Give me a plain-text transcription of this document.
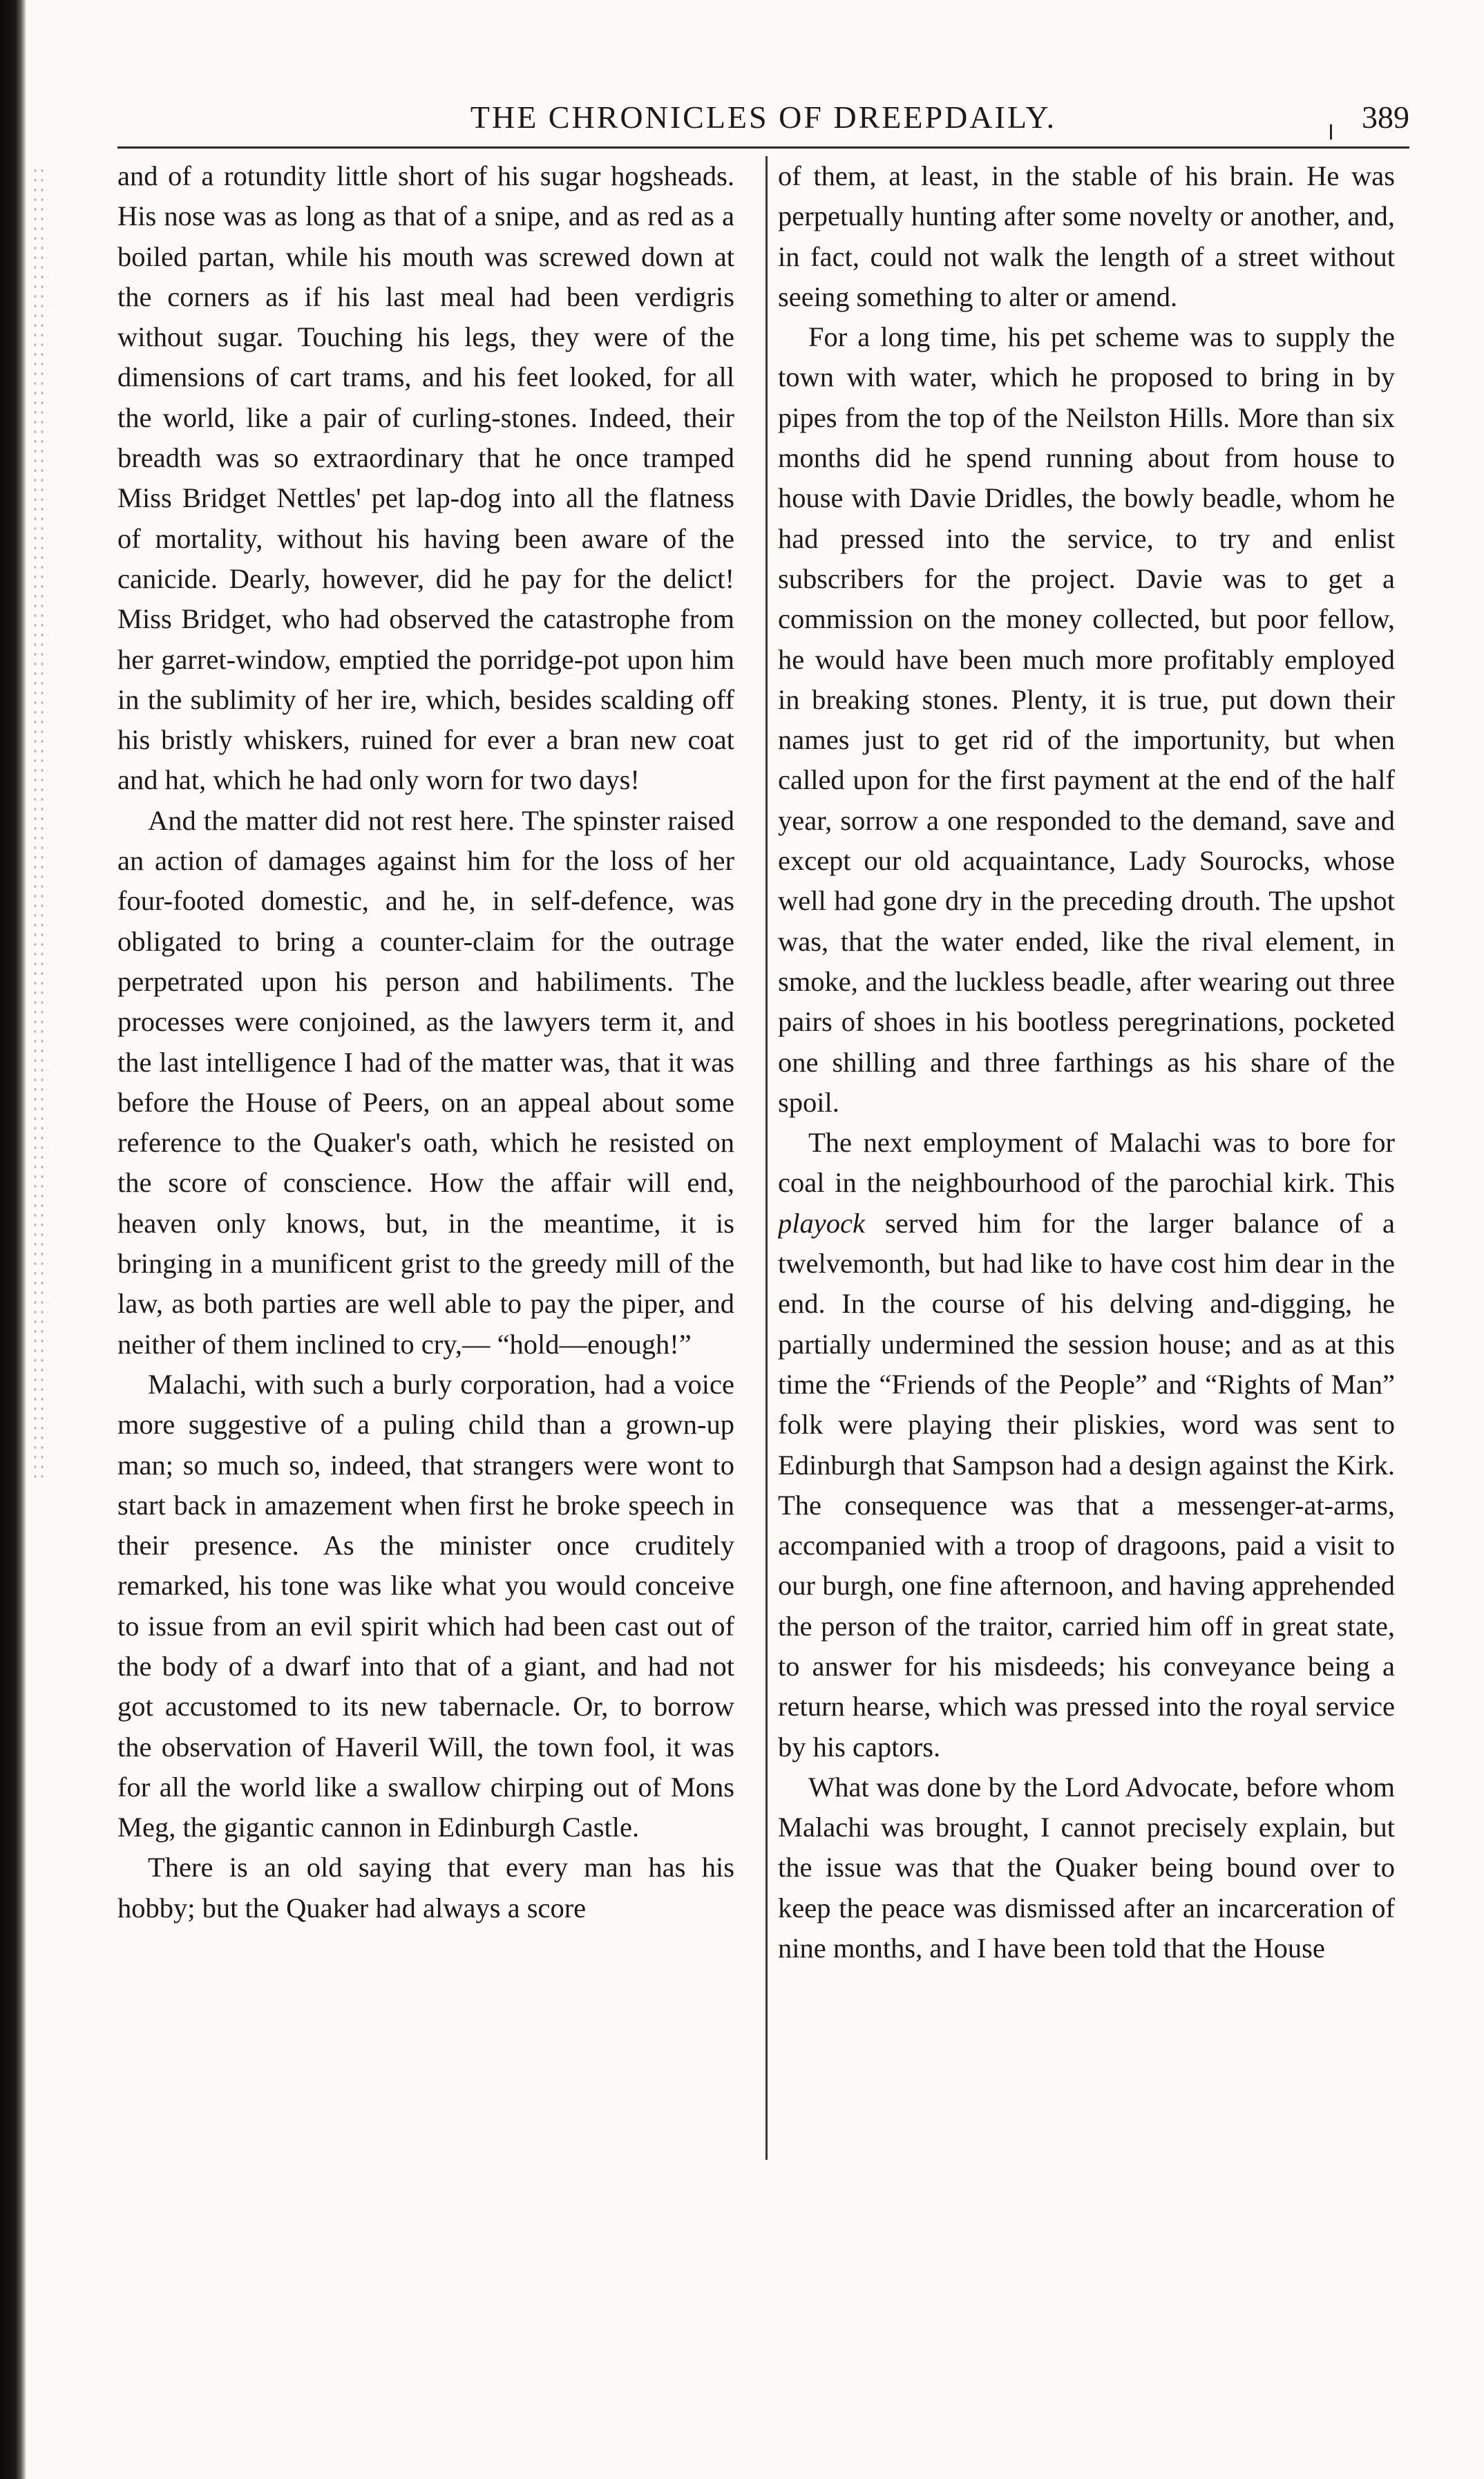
THE CHRONICLES OF DREEPDAILY.	389

and of a rotundity little short of his sugar hogsheads. His nose was as long as that of a snipe, and as red as a boiled partan, while his mouth was screwed down at the corners as if his last meal had been verdigris without sugar. Touching his legs, they were of the dimensions of cart trams, and his feet looked, for all the world, like a pair of curling-stones. Indeed, their breadth was so extraordinary that he once tramped Miss Bridget Nettles' pet lap-dog into all the flatness of mortality, without his having been aware of the canicide. Dearly, however, did he pay for the delict! Miss Bridget, who had observed the catastrophe from her garret-window, emptied the porridge-pot upon him in the sublimity of her ire, which, besides scalding off his bristly whiskers, ruined for ever a bran new coat and hat, which he had only worn for two days!

And the matter did not rest here. The spinster raised an action of damages against him for the loss of her four-footed domestic, and he, in self-defence, was obligated to bring a counter-claim for the outrage perpetrated upon his person and habiliments. The processes were conjoined, as the lawyers term it, and the last intelligence I had of the matter was, that it was before the House of Peers, on an appeal about some reference to the Quaker's oath, which he resisted on the score of conscience. How the affair will end, heaven only knows, but, in the meantime, it is bringing in a munificent grist to the greedy mill of the law, as both parties are well able to pay the piper, and neither of them inclined to cry,— “hold—enough!”

Malachi, with such a burly corporation, had a voice more suggestive of a puling child than a grown-up man; so much so, indeed, that strangers were wont to start back in amazement when first he broke speech in their presence. As the minister once cruditely remarked, his tone was like what you would conceive to issue from an evil spirit which had been cast out of the body of a dwarf into that of a giant, and had not got accustomed to its new tabernacle. Or, to borrow the observation of Haveril Will, the town fool, it was for all the world like a swallow chirping out of Mons Meg, the gigantic cannon in Edinburgh Castle.

There is an old saying that every man has his hobby; but the Quaker had always a score

of them, at least, in the stable of his brain. He was perpetually hunting after some novelty or another, and, in fact, could not walk the length of a street without seeing something to alter or amend.

For a long time, his pet scheme was to supply the town with water, which he proposed to bring in by pipes from the top of the Neilston Hills. More than six months did he spend running about from house to house with Davie Dridles, the bowly beadle, whom he had pressed into the service, to try and enlist subscribers for the project. Davie was to get a commission on the money collected, but poor fellow, he would have been much more profitably employed in breaking stones. Plenty, it is true, put down their names just to get rid of the importunity, but when called upon for the first payment at the end of the half year, sorrow a one responded to the demand, save and except our old acquaintance, Lady Sourocks, whose well had gone dry in the preceding drouth. The upshot was, that the water ended, like the rival element, in smoke, and the luckless beadle, after wearing out three pairs of shoes in his bootless peregrinations, pocketed one shilling and three farthings as his share of the spoil.

The next employment of Malachi was to bore for coal in the neighbourhood of the parochial kirk. This playock served him for the larger balance of a twelvemonth, but had like to have cost him dear in the end. In the course of his delving and-digging, he partially undermined the session house; and as at this time the “Friends of the People” and “Rights of Man” folk were playing their pliskies, word was sent to Edinburgh that Sampson had a design against the Kirk. The consequence was that a messenger-at-arms, accompanied with a troop of dragoons, paid a visit to our burgh, one fine afternoon, and having apprehended the person of the traitor, carried him off in great state, to answer for his misdeeds; his conveyance being a return hearse, which was pressed into the royal service by his captors.

What was done by the Lord Advocate, before whom Malachi was brought, I cannot precisely explain, but the issue was that the Quaker being bound over to keep the peace was dismissed after an incarceration of nine months, and I have been told that the House
